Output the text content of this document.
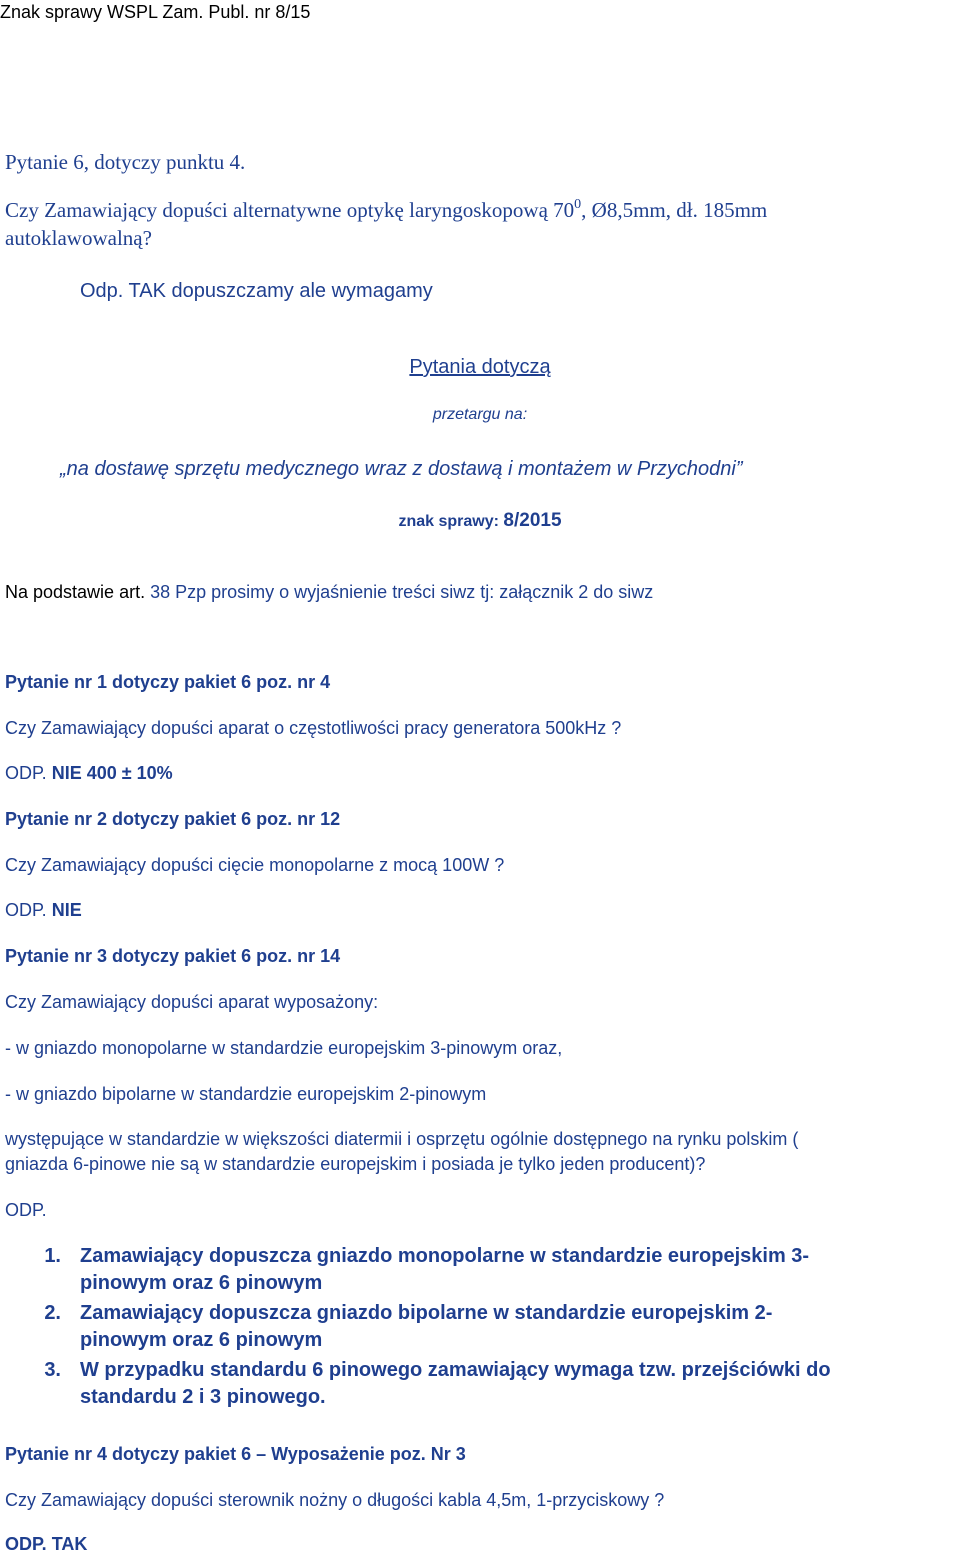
Znak sprawy WSPL Zam. Publ. nr 8/15
Pytanie 6, dotyczy punktu 4.
Czy Zamawiający dopuści alternatywne optykę laryngoskopową $70^0$, Ø8,5mm, dł. 185mm
autoklawowalną?
Odp. TAK dopuszczamy ale wymagamy
Pytania dotyczą
przetargu na:
„na dostawę sprzętu medycznego wraz z dostawą i montażem w Przychodni”
znak sprawy: 8/2015
Na podstawie art. 38 Pzp prosimy o wyjaśnienie treści siwz tj: załącznik 2 do siwz
Pytanie nr 1 dotyczy pakiet 6 poz. nr 4
Czy Zamawiający dopuści aparat o częstotliwości pracy generatora 500kHz ?
ODP. NIE 400 ± 10%
Pytanie nr 2 dotyczy pakiet 6 poz. nr 12
Czy Zamawiający dopuści cięcie monopolarne z mocą 100W ?
ODP. NIE
Pytanie nr 3 dotyczy pakiet 6 poz. nr 14
Czy Zamawiający dopuści aparat wyposażony:
- w gniazdo monopolarne w standardzie europejskim 3-pinowym oraz,
- w gniazdo bipolarne w standardzie europejskim 2-pinowym
występujące w standardzie w większości diatermii i osprzętu ogólnie dostępnego na rynku polskim (
gniazda 6-pinowe nie są w standardzie europejskim i posiada je tylko jeden producent)?
ODP.
1. Zamawiający dopuszcza gniazdo monopolarne w standardzie europejskim 3-
pinowym oraz 6 pinowym
2. Zamawiający dopuszcza gniazdo bipolarne w standardzie europejskim 2-
pinowym oraz 6 pinowym
3. W przypadku standardu 6 pinowego zamawiający wymaga tzw. przejściówki do
standardu 2 i 3 pinowego.
Pytanie nr 4 dotyczy pakiet 6 – Wyposażenie poz. Nr 3
Czy Zamawiający dopuści sterownik nożny o długości kabla 4,5m, 1-przyciskowy ?
ODP. TAK
